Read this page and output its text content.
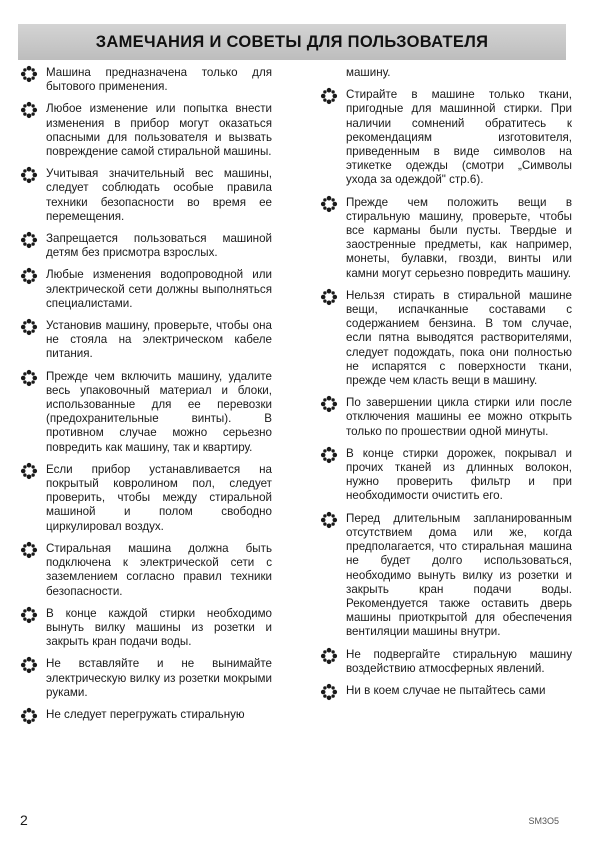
ЗАМЕЧАНИЯ И СОВЕТЫ ДЛЯ ПОЛЬЗОВАТЕЛЯ

Машина предназначена только для бытового применения.

Любое изменение или попытка внести изменения в прибор могут оказаться опасными для пользователя и вызвать повреждение самой стиральной машины.

Учитывая значительный вес машины, следует соблюдать особые правила техники безопасности во время ее перемещения.

Запрещается пользоваться машиной детям без присмотра взрослых.

Любые изменения водопроводной или электрической сети должны выполняться специалистами.

Установив машину, проверьте, чтобы она не стояла на электрическом кабеле питания.

Прежде чем включить машину, удалите весь упаковочный материал и блоки, использованные для ее перевозки (предохранительные винты). В противном случае можно серьезно повредить как машину, так и квартиру.

Если прибор устанавливается на покрытый ковролином пол, следует проверить, чтобы между стиральной машиной и полом свободно циркулировал воздух.

Стиральная машина должна быть подключена к электрической сети с заземлением согласно правил техники безопасности.

В конце каждой стирки необходимо вынуть вилку машины из розетки и закрыть кран подачи воды.

Не вставляйте и не вынимайте электрическую вилку из розетки мокрыми руками.

Не следует перегружать стиральную

машину.

Стирайте в машине только ткани, пригодные для машинной стирки. При наличии сомнений обратитесь к рекомендациям изготовителя, приведенным в виде символов на этикетке одежды (смотри „Символы ухода за одеждой" стр.6).

Прежде чем положить вещи в стиральную машину, проверьте, чтобы все карманы были пусты. Твердые и заостренные предметы, как например, монеты, булавки, гвозди, винты или камни могут серьезно повредить машину.

Нельзя стирать в стиральной машине вещи, испачканные составами с содержанием бензина. В том случае, если пятна выводятся растворителями, следует подождать, пока они полностью не испарятся с поверхности ткани, прежде чем класть вещи в машину.

По завершении цикла стирки или после отключения машины ее можно открыть только по прошествии одной минуты.

В конце стирки дорожек, покрывал и прочих тканей из длинных волокон, нужно проверить фильтр и при необходимости очистить его.

Перед длительным запланированным отсутствием дома или же, когда предполагается, что стиральная машина не будет долго использоваться, необходимо вынуть вилку из розетки и закрыть кран подачи воды. Рекомендуется также оставить дверь машины приоткрытой для обеспечения вентиляции машины внутри.

Не подвергайте стиральную машину воздействию атмосферных явлений.

Ни в коем случае не пытайтесь сами

2	SM3O5
